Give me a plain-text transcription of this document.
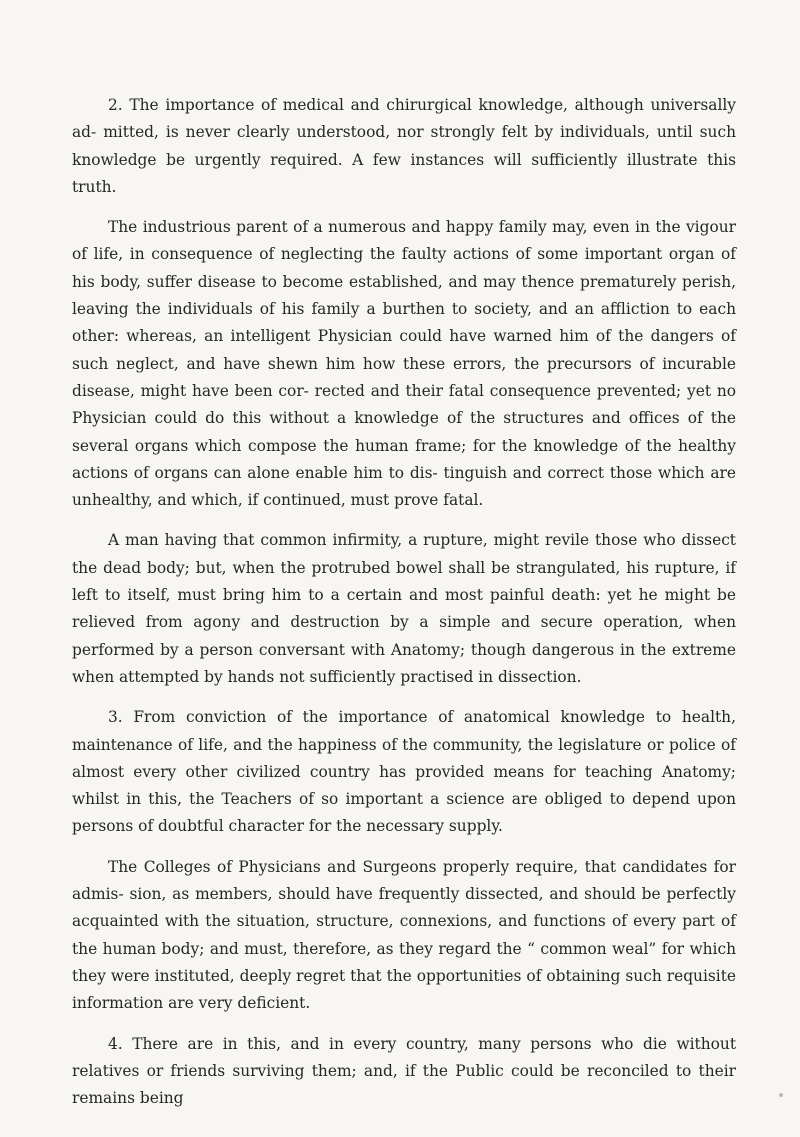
2. The importance of medical and chirurgical knowledge, although universally ad- mitted, is never clearly understood, nor strongly felt by individuals, until such knowledge be urgently required. A few instances will sufficiently illustrate this truth.

The industrious parent of a numerous and happy family may, even in the vigour of life, in consequence of neglecting the faulty actions of some important organ of his body, suffer disease to become established, and may thence prematurely perish, leaving the individuals of his family a burthen to society, and an affliction to each other: whereas, an intelligent Physician could have warned him of the dangers of such neglect, and have shewn him how these errors, the precursors of incurable disease, might have been cor- rected and their fatal consequence prevented; yet no Physician could do this without a knowledge of the structures and offices of the several organs which compose the human frame; for the knowledge of the healthy actions of organs can alone enable him to dis- tinguish and correct those which are unhealthy, and which, if continued, must prove fatal.

A man having that common infirmity, a rupture, might revile those who dissect the dead body; but, when the protrubed bowel shall be strangulated, his rupture, if left to itself, must bring him to a certain and most painful death: yet he might be relieved from agony and destruction by a simple and secure operation, when performed by a person conversant with Anatomy; though dangerous in the extreme when attempted by hands not sufficiently practised in dissection.

3. From conviction of the importance of anatomical knowledge to health, maintenance of life, and the happiness of the community, the legislature or police of almost every other civilized country has provided means for teaching Anatomy; whilst in this, the Teachers of so important a science are obliged to depend upon persons of doubtful character for the necessary supply.

The Colleges of Physicians and Surgeons properly require, that candidates for admis- sion, as members, should have frequently dissected, and should be perfectly acquainted with the situation, structure, connexions, and functions of every part of the human body; and must, therefore, as they regard the “ common weal” for which they were instituted, deeply regret that the opportunities of obtaining such requisite information are very deficient.

4. There are in this, and in every country, many persons who die without relatives or friends surviving them; and, if the Public could be reconciled to their remains being
